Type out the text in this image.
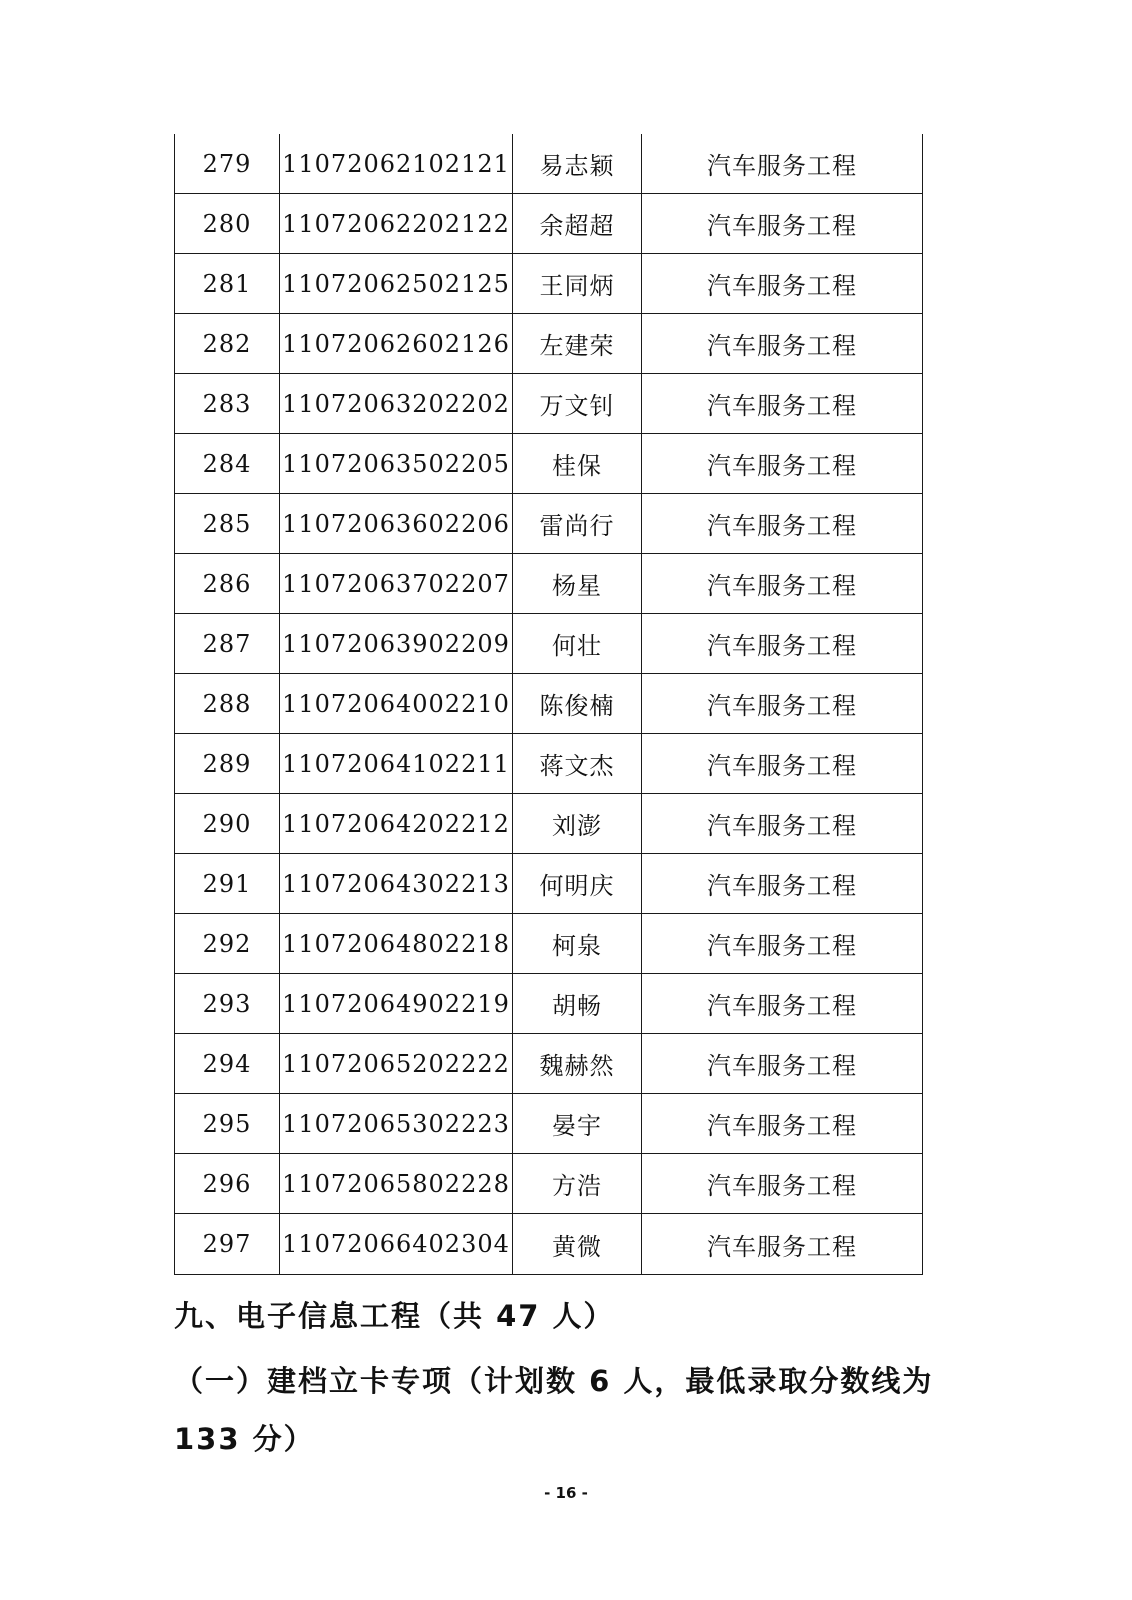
279	11072062102121	易志颖	汽车服务工程
280	11072062202122	余超超	汽车服务工程
281	11072062502125	王同炳	汽车服务工程
282	11072062602126	左建荣	汽车服务工程
283	11072063202202	万文钊	汽车服务工程
284	11072063502205	桂保	汽车服务工程
285	11072063602206	雷尚行	汽车服务工程
286	11072063702207	杨星	汽车服务工程
287	11072063902209	何壮	汽车服务工程
288	11072064002210	陈俊楠	汽车服务工程
289	11072064102211	蒋文杰	汽车服务工程
290	11072064202212	刘澎	汽车服务工程
291	11072064302213	何明庆	汽车服务工程
292	11072064802218	柯泉	汽车服务工程
293	11072064902219	胡畅	汽车服务工程
294	11072065202222	魏赫然	汽车服务工程
295	11072065302223	晏宇	汽车服务工程
296	11072065802228	方浩	汽车服务工程
297	11072066402304	黄微	汽车服务工程
九、电子信息工程（共 47 人）
（一）建档立卡专项（计划数 6 人，最低录取分数线为 133 分）
- 16 -
